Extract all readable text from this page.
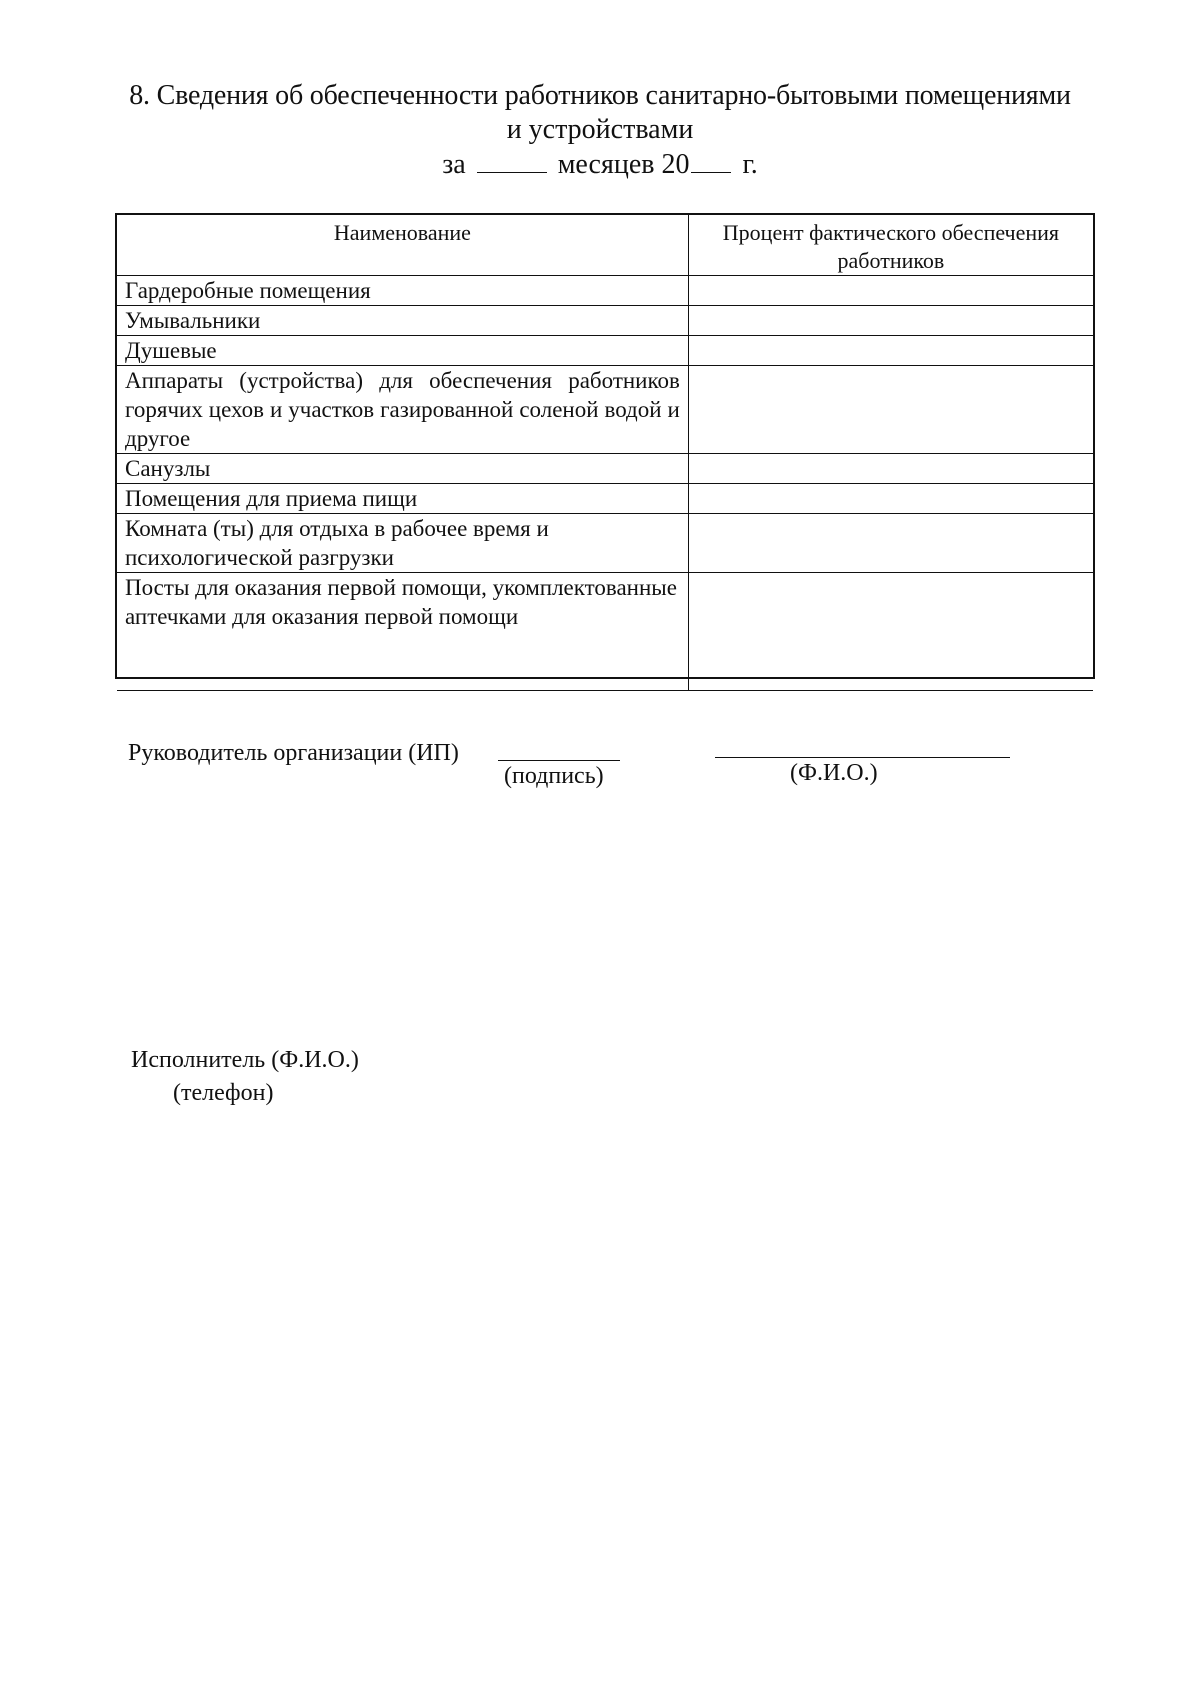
8. Сведения об обеспеченности работников санитарно-бытовыми помещениями
и устройствами
за	месяцев 20 г.
Наименование	Процент фактического обеспечения работников
Гардеробные помещения	
Умывальники	
Душевые	
Аппараты (устройства) для обеспечения работников горячих цехов и участков газированной соленой водой и другое	
Санузлы	
Помещения для приема пищи	
Комната (ты) для отдыха в рабочее время и психологической разгрузки	
Посты для оказания первой помощи, укомплектованные аптечками для оказания первой помощи	
Руководитель организации (ИП)
(подпись)	(Ф.И.О.)
Исполнитель (Ф.И.О.)
(телефон)
